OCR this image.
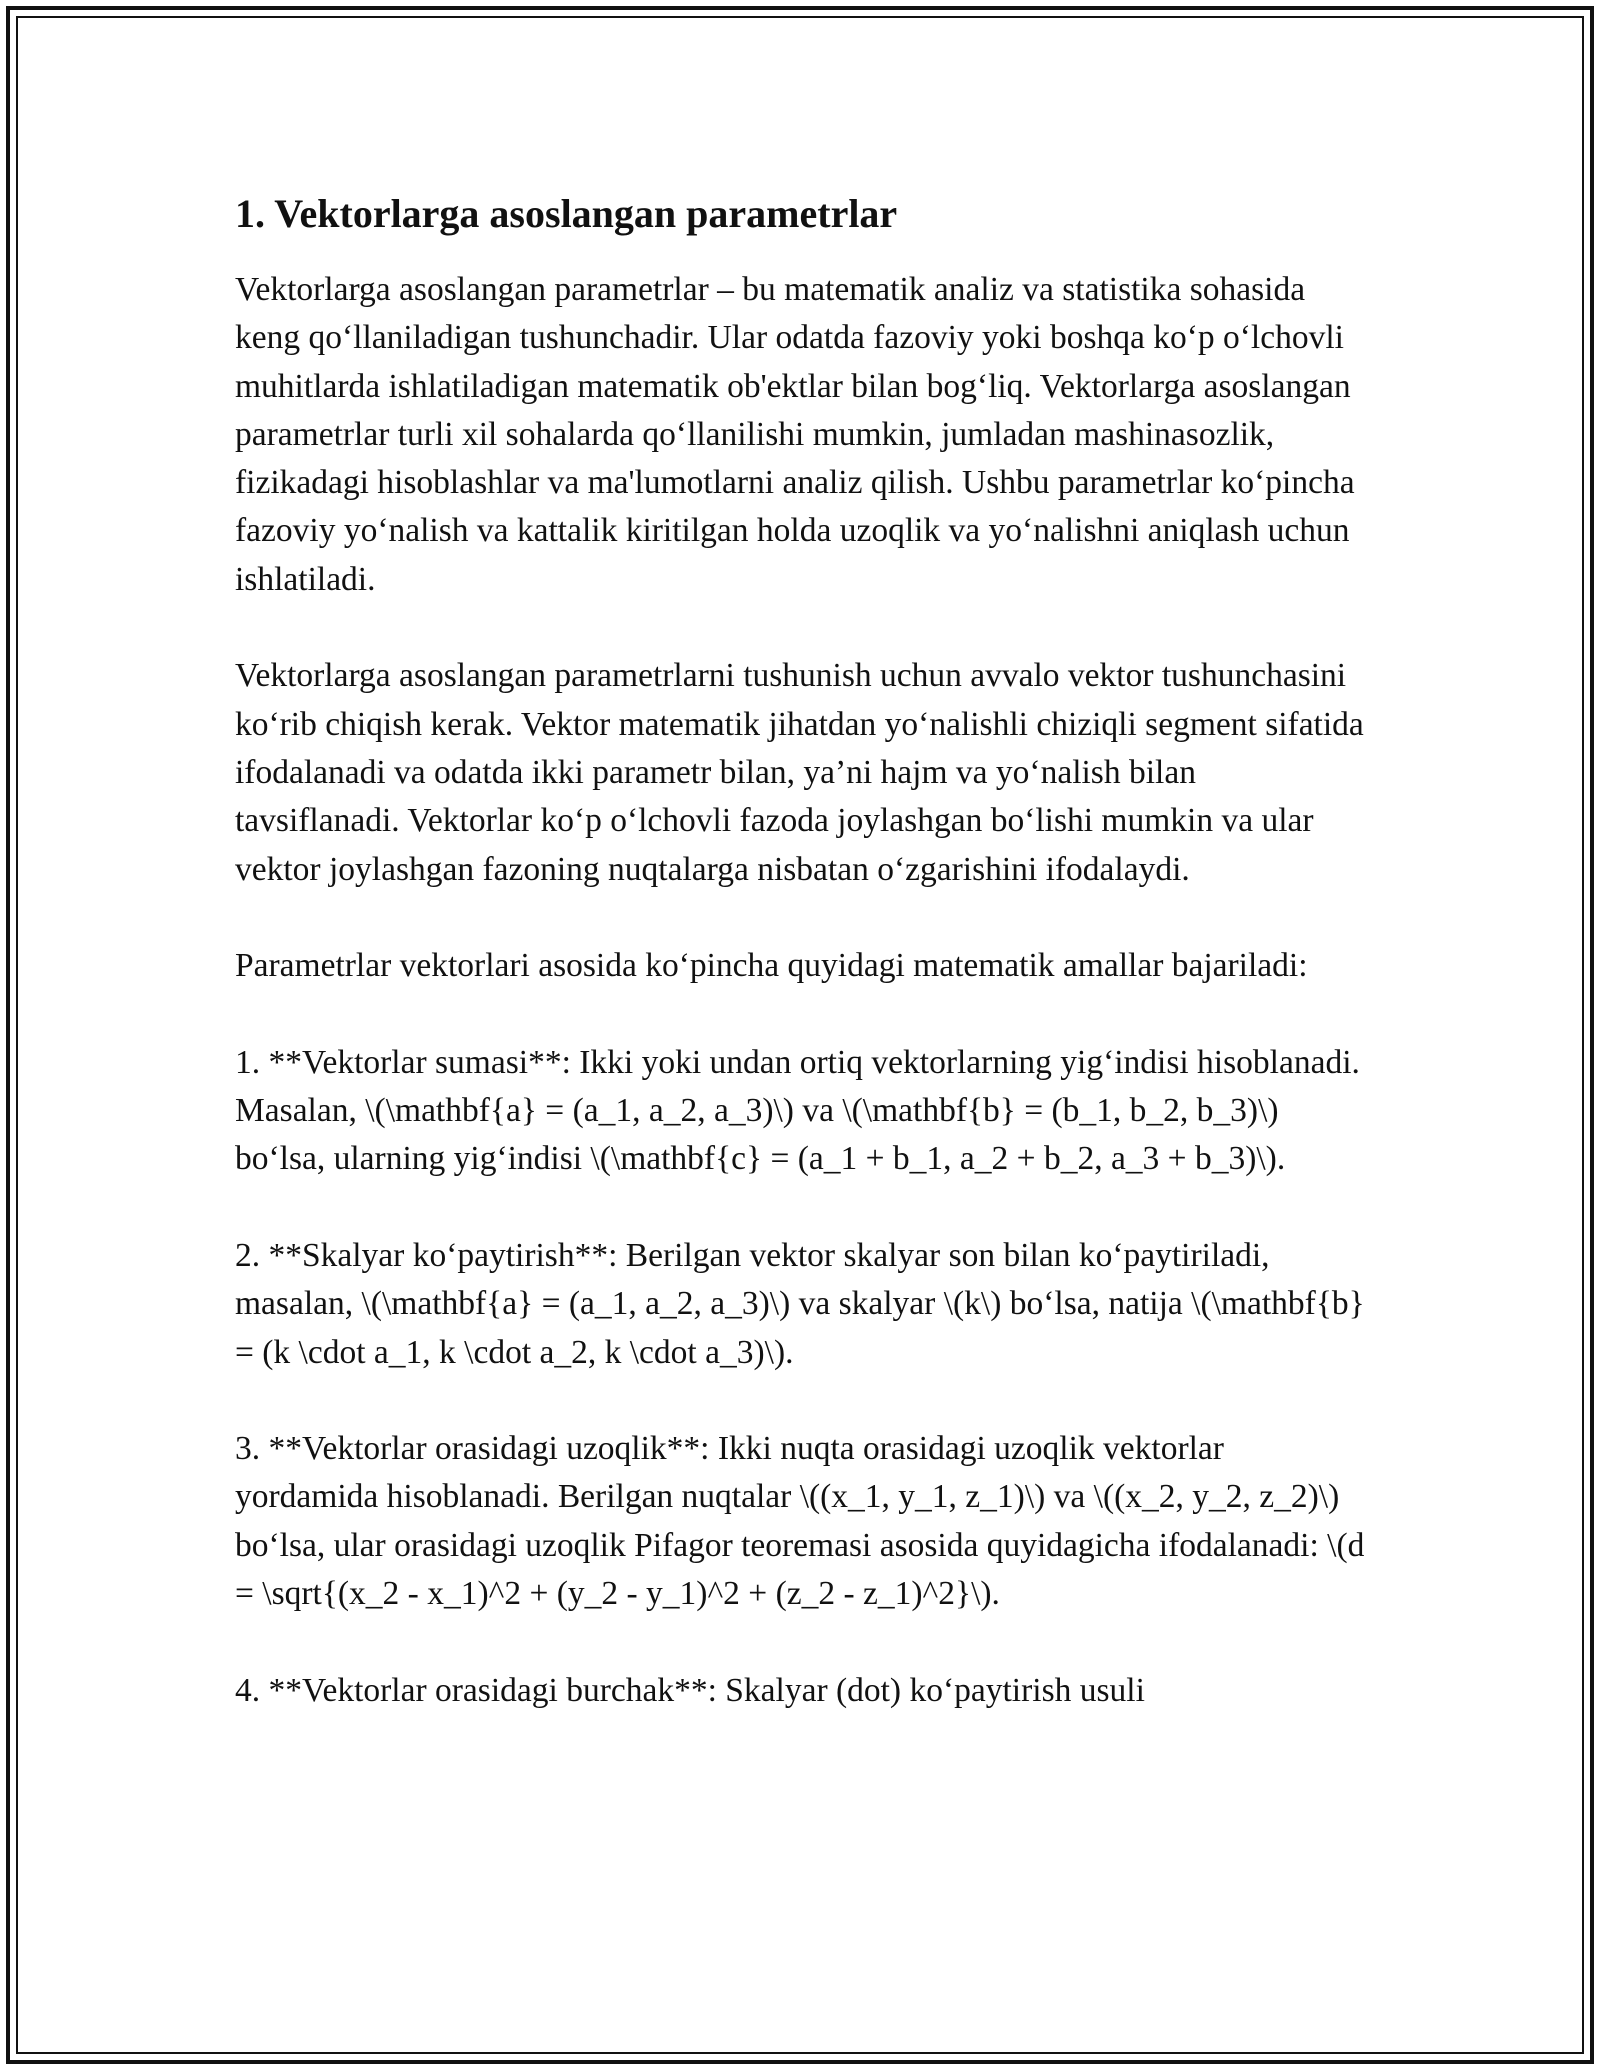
1. Vektorlarga asoslangan parametrlar

Vektorlarga asoslangan parametrlar – bu matematik analiz va statistika sohasida keng qo‘llaniladigan tushunchadir. Ular odatda fazoviy yoki boshqa ko‘p o‘lchovli muhitlarda ishlatiladigan matematik ob'ektlar bilan bog‘liq. Vektorlarga asoslangan parametrlar turli xil sohalarda qo‘llanilishi mumkin, jumladan mashinasozlik, fizikadagi hisoblashlar va ma'lumotlarni analiz qilish. Ushbu parametrlar ko‘pincha fazoviy yo‘nalish va kattalik kiritilgan holda uzoqlik va yo‘nalishni aniqlash uchun ishlatiladi.

Vektorlarga asoslangan parametrlarni tushunish uchun avvalo vektor tushunchasini ko‘rib chiqish kerak. Vektor matematik jihatdan yo‘nalishli chiziqli segment sifatida ifodalanadi va odatda ikki parametr bilan, ya’ni hajm va yo‘nalish bilan tavsiflanadi. Vektorlar ko‘p o‘lchovli fazoda joylashgan bo‘lishi mumkin va ular vektor joylashgan fazoning nuqtalarga nisbatan o‘zgarishini ifodalaydi.

Parametrlar vektorlari asosida ko‘pincha quyidagi matematik amallar bajariladi:

1. **Vektorlar sumasi**: Ikki yoki undan ortiq vektorlarning yig‘indisi hisoblanadi. Masalan, \(\mathbf{a} = (a_1, a_2, a_3)\) va \(\mathbf{b} = (b_1, b_2, b_3)\) bo‘lsa, ularning yig‘indisi \(\mathbf{c} = (a_1 + b_1, a_2 + b_2, a_3 + b_3)\).

2. **Skalyar ko‘paytirish**: Berilgan vektor skalyar son bilan ko‘paytiriladi, masalan, \(\mathbf{a} = (a_1, a_2, a_3)\) va skalyar \(k\) bo‘lsa, natija \(\mathbf{b} = (k \cdot a_1, k \cdot a_2, k \cdot a_3)\).

3. **Vektorlar orasidagi uzoqlik**: Ikki nuqta orasidagi uzoqlik vektorlar yordamida hisoblanadi. Berilgan nuqtalar \((x_1, y_1, z_1)\) va \((x_2, y_2, z_2)\) bo‘lsa, ular orasidagi uzoqlik Pifagor teoremasi asosida quyidagicha ifodalanadi: \(d = \sqrt{(x_2 - x_1)^2 + (y_2 - y_1)^2 + (z_2 - z_1)^2}\).

4. **Vektorlar orasidagi burchak**: Skalyar (dot) ko‘paytirish usuli
